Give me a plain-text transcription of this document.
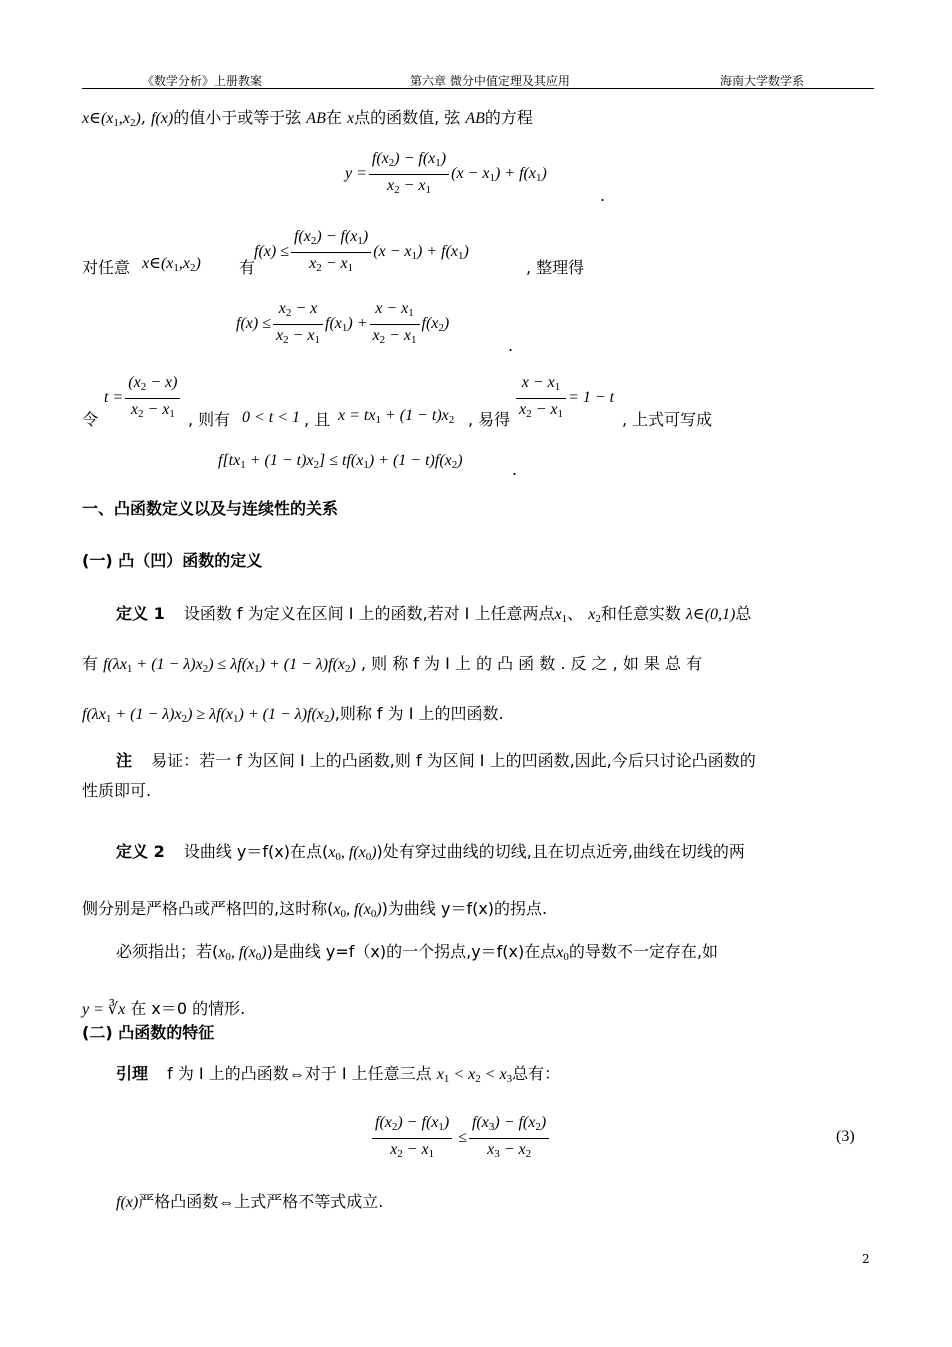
《数学分析》上册教案	第六章 微分中值定理及其应用	海南大学数学系
$x\in(x_1,x_2)$, f(x)的值小于或等于弦 AB在 x点的函数值, 弦 AB的方程
$y = \frac{f(x_2) - f(x_1)}{x_2 - x_1} (x - x_1) + f(x_1)$
.
对任意 $x\in(x_1,x_2)$ 有
$f(x) \le \frac{f(x_2) - f(x_1)}{x_2 - x_1} (x - x_1) + f(x_1)$
, 整理得
$f(x) \le \frac{x_2 - x}{x_2 - x_1} f(x_1) + \frac{x - x_1}{x_2 - x_1} f(x_2)$
.
令
$t = \frac{(x_2 - x)}{x_2 - x_1}$ , 则有 0 < t < 1 , 且 $x = tx_1 + (1 - t)x_2$ , 易得 $\frac{x - x_1}{x_2 - x_1} = 1 - t$
, 上式可写成
$f[tx_1 + (1 - t)x_2] \le tf(x_1) + (1 - t)f(x_2)$	.
一、凸函数定义以及与连续性的关系
(一) 凸（凹）函数的定义
定义 1 设函数 f 为定义在区间 I 上的函数,若对 I 上任意两点$x_1$、 $x_2$和任意实数 λ∈(0,1)总
有 $f(\lambda x_1 + (1 - \lambda)x_2) \le \lambda f(x_1) + (1 - \lambda)f(x_2)$ , 则 称 f 为 I 上 的 凸 函 数 . 反 之 , 如 果 总 有
$f(\lambda x_1 + (1 - \lambda)x_2) \ge \lambda f(x_1) + (1 - \lambda)f(x_2)$,则称 f 为 I 上的凹函数.
注 易证：若一 f 为区间 I 上的凸函数,则 f 为区间 I 上的凹函数,因此,今后只讨论凸函数的
性质即可.
定义 2 设曲线 y＝f(x)在点($x_0$, $f(x_0)$)处有穿过曲线的切线,且在切点近旁,曲线在切线的两
侧分别是严格凸或严格凹的,这时称($x_0$, $f(x_0)$)为曲线 y＝f(x)的拐点.
必须指出；若($x_0$, $f(x_0)$)是曲线 y=f（x)的一个拐点,y＝f(x)在点$x_0$的导数不一定存在,如
y = ∛x 在 x＝0 的情形.
(二) 凸函数的特征
引理 f 为 I 上的凸函数⇔对于 I 上任意三点 $x_1 < x_2 < x_3$总有：
$\frac{f(x_2) - f(x_1)}{x_2 - x_1} \le \frac{f(x_3) - f(x_2)}{x_3 - x_2}$	(3)
f(x)严格凸函数⇔上式严格不等式成立.
2
